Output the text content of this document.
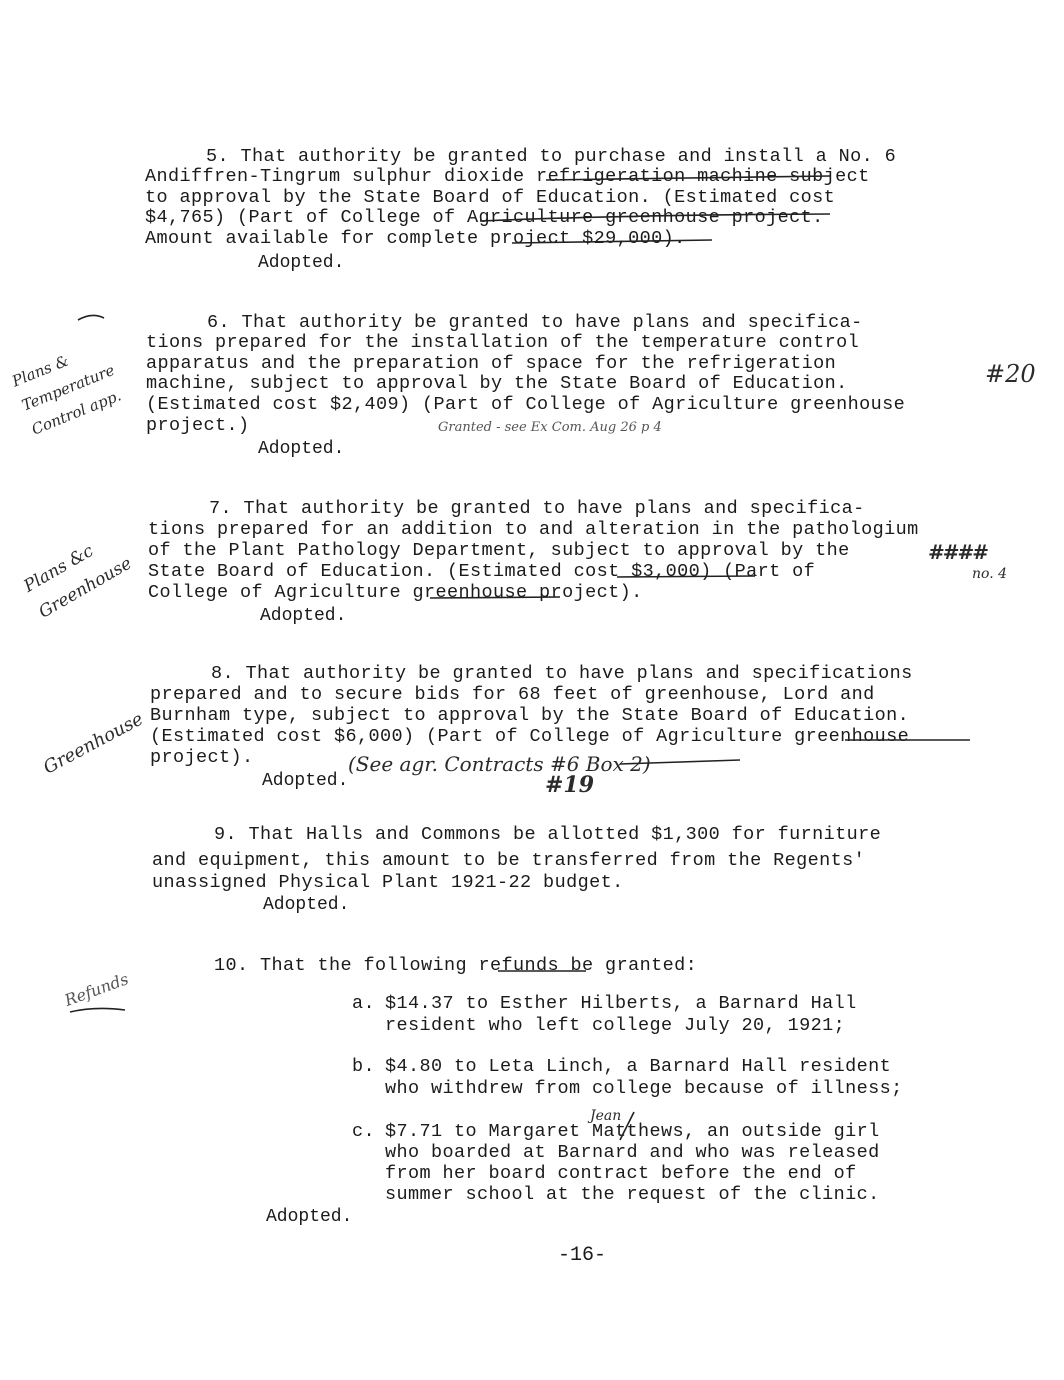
5. That authority be granted to purchase and install a No. 6
Andiffren-Tingrum sulphur dioxide refrigeration machine subject
to approval by the State Board of Education. (Estimated cost
$4,765) (Part of College of Agriculture greenhouse project.
Amount available for complete project $29,000).
Adopted.
6. That authority be granted to have plans and specifica-
tions prepared for the installation of the temperature control
apparatus and the preparation of space for the refrigeration
machine, subject to approval by the State Board of Education.
(Estimated cost $2,409) (Part of College of Agriculture greenhouse
project.)
Adopted.
7. That authority be granted to have plans and specifica-
tions prepared for an addition to and alteration in the pathologium
of the Plant Pathology Department, subject to approval by the
State Board of Education. (Estimated cost $3,000) (Part of
College of Agriculture greenhouse project).
Adopted.
8. That authority be granted to have plans and specifications
prepared and to secure bids for 68 feet of greenhouse, Lord and
Burnham type, subject to approval by the State Board of Education.
(Estimated cost $6,000) (Part of College of Agriculture greenhouse
project).
Adopted.
9. That Halls and Commons be allotted $1,300 for furniture
and equipment, this amount to be transferred from the Regents'
unassigned Physical Plant 1921-22 budget.
Adopted.
10. That the following refunds be granted:
a. $14.37 to Esther Hilberts, a Barnard Hall
resident who left college July 20, 1921;
b. $4.80 to Leta Linch, a Barnard Hall resident
who withdrew from college because of illness;
c. $7.71 to Margaret Matthews, an outside girl
who boarded at Barnard and who was released
from her board contract before the end of
summer school at the request of the clinic.
Adopted.
-16-
Plans & Temperature Control app.
Plans &c Greenhouse
Greenhouse
Refunds
#20
####
no. 4
Granted - see Ex Com. Aug 26 p 4
(See agr. Contracts #6 Box 2)
#19
Jean
